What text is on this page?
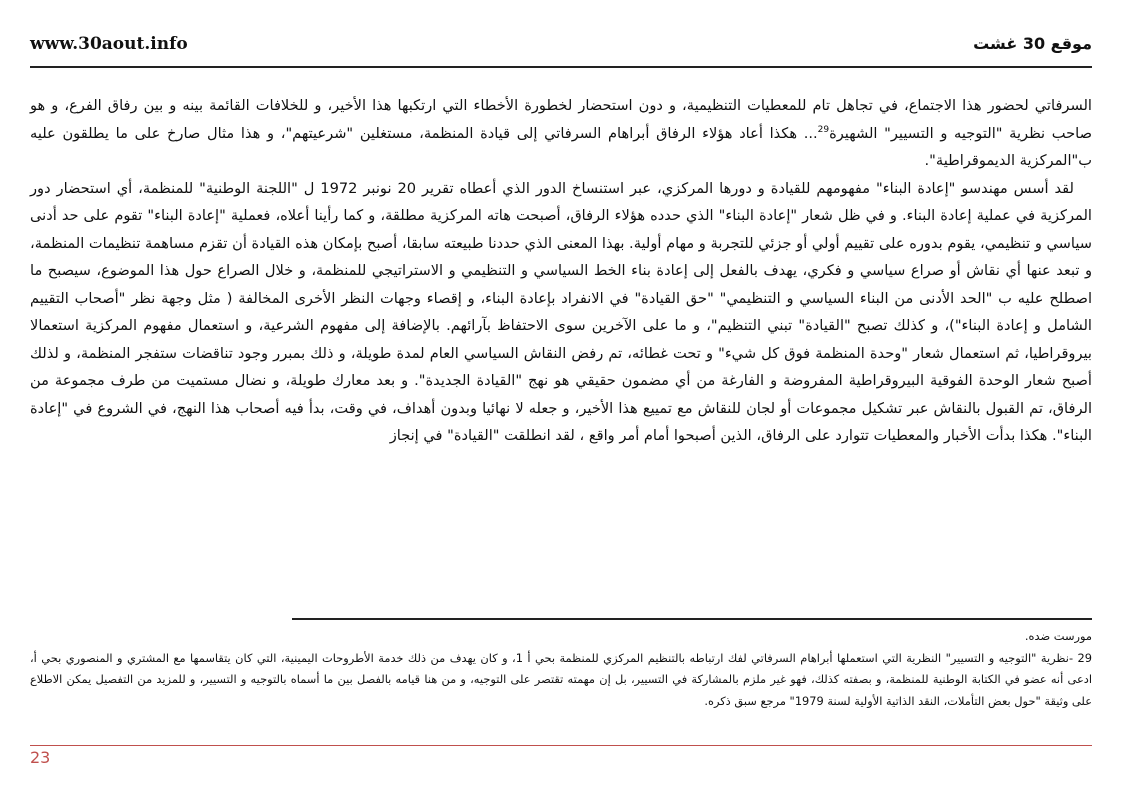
www.30aout.info	موقع 30 غشت

السرفاتي لحضور هذا الاجتماع، في تجاهل تام للمعطيات التنظيمية، و دون استحضار لخطورة الأخطاء التي ارتكبها هذا الأخير، و للخلافات القائمة بينه و بين رفاق الفرع، و هو صاحب نظرية "التوجيه و التسيير" الشهيرة$^{29}$... هكذا أعاد هؤلاء الرفاق أبراهام السرفاتي إلى قيادة المنظمة، مستغلين "شرعيتهم"، و هذا مثال صارخ على ما يطلقون عليه ب"المركزية الديموقراطية".

لقد أسس مهندسو "إعادة البناء" مفهومهم للقيادة و دورها المركزي، عبر استنساخ الدور الذي أعطاه تقرير 20 نونبر 1972 ل "اللجنة الوطنية" للمنظمة، أي استحضار دور المركزية في عملية إعادة البناء. و في ظل شعار "إعادة البناء" الذي حدده هؤلاء الرفاق، أصبحت هاته المركزية مطلقة، و كما رأينا أعلاه، فعملية "إعادة البناء" تقوم على حد أدنى سياسي و تنظيمي، يقوم بدوره على تقييم أولي أو جزئي للتجربة و مهام أولية. بهذا المعنى الذي حددنا طبيعته سابقا، أصبح بإمكان هذه القيادة أن تقزم مساهمة تنظيمات المنظمة، و تبعد عنها أي نقاش أو صراع سياسي و فكري، يهدف بالفعل إلى إعادة بناء الخط السياسي و التنظيمي و الاستراتيجي للمنظمة، و خلال الصراع حول هذا الموضوع، سيصبح ما اصطلح عليه ب "الحد الأدنى من البناء السياسي و التنظيمي" "حق القيادة" في الانفراد بإعادة البناء، و إقصاء وجهات النظر الأخرى المخالفة ( مثل وجهة نظر "أصحاب التقييم الشامل و إعادة البناء")، و كذلك تصبح "القيادة" تبني التنظيم"، و ما على الآخرين سوى الاحتفاظ بآرائهم. بالإضافة إلى مفهوم الشرعية، و استعمال مفهوم المركزية استعمالا بيروقراطيا، ثم استعمال شعار "وحدة المنظمة فوق كل شيء" و تحت غطائه، تم رفض النقاش السياسي العام لمدة طويلة، و ذلك بمبرر وجود تناقضات ستفجر المنظمة، و لذلك أصبح شعار الوحدة الفوقية البيروقراطية المفروضة و الفارغة من أي مضمون حقيقي هو نهج "القيادة الجديدة". و بعد معارك طويلة، و نضال مستميت من طرف مجموعة من الرفاق، تم القبول بالنقاش عبر تشكيل مجموعات أو لجان للنقاش مع تمييع هذا الأخير، و جعله لا نهائيا وبدون أهداف، في وقت، بدأ فيه أصحاب هذا النهج، في الشروع في "إعادة البناء". هكذا بدأت الأخبار والمعطيات تتوارد على الرفاق، الذين أصبحوا أمام أمر واقع ، لقد انطلقت "القيادة" في إنجاز

مورست ضده.

29 -نظرية "التوجيه و التسيير" النظرية التي استعملها أبراهام السرفاتي لفك ارتباطه بالتنظيم المركزي للمنظمة بحي أ 1، و كان يهدف من ذلك خدمة الأطروحات اليمينية، التي كان يتقاسمها مع المشتري و المنصوري بحي أ، ادعى أنه عضو في الكتابة الوطنية للمنظمة، و بصفته كذلك، فهو غير ملزم بالمشاركة في التسيير، بل إن مهمته تقتصر على التوجيه، و من هنا قيامه بالفصل بين ما أسماه بالتوجيه و التسيير، و للمزيد من التفصيل يمكن الاطلاع على وثيقة "حول بعض التأملات، النقد الذاتية الأولية لسنة 1979" مرجع سبق ذكره.

23
